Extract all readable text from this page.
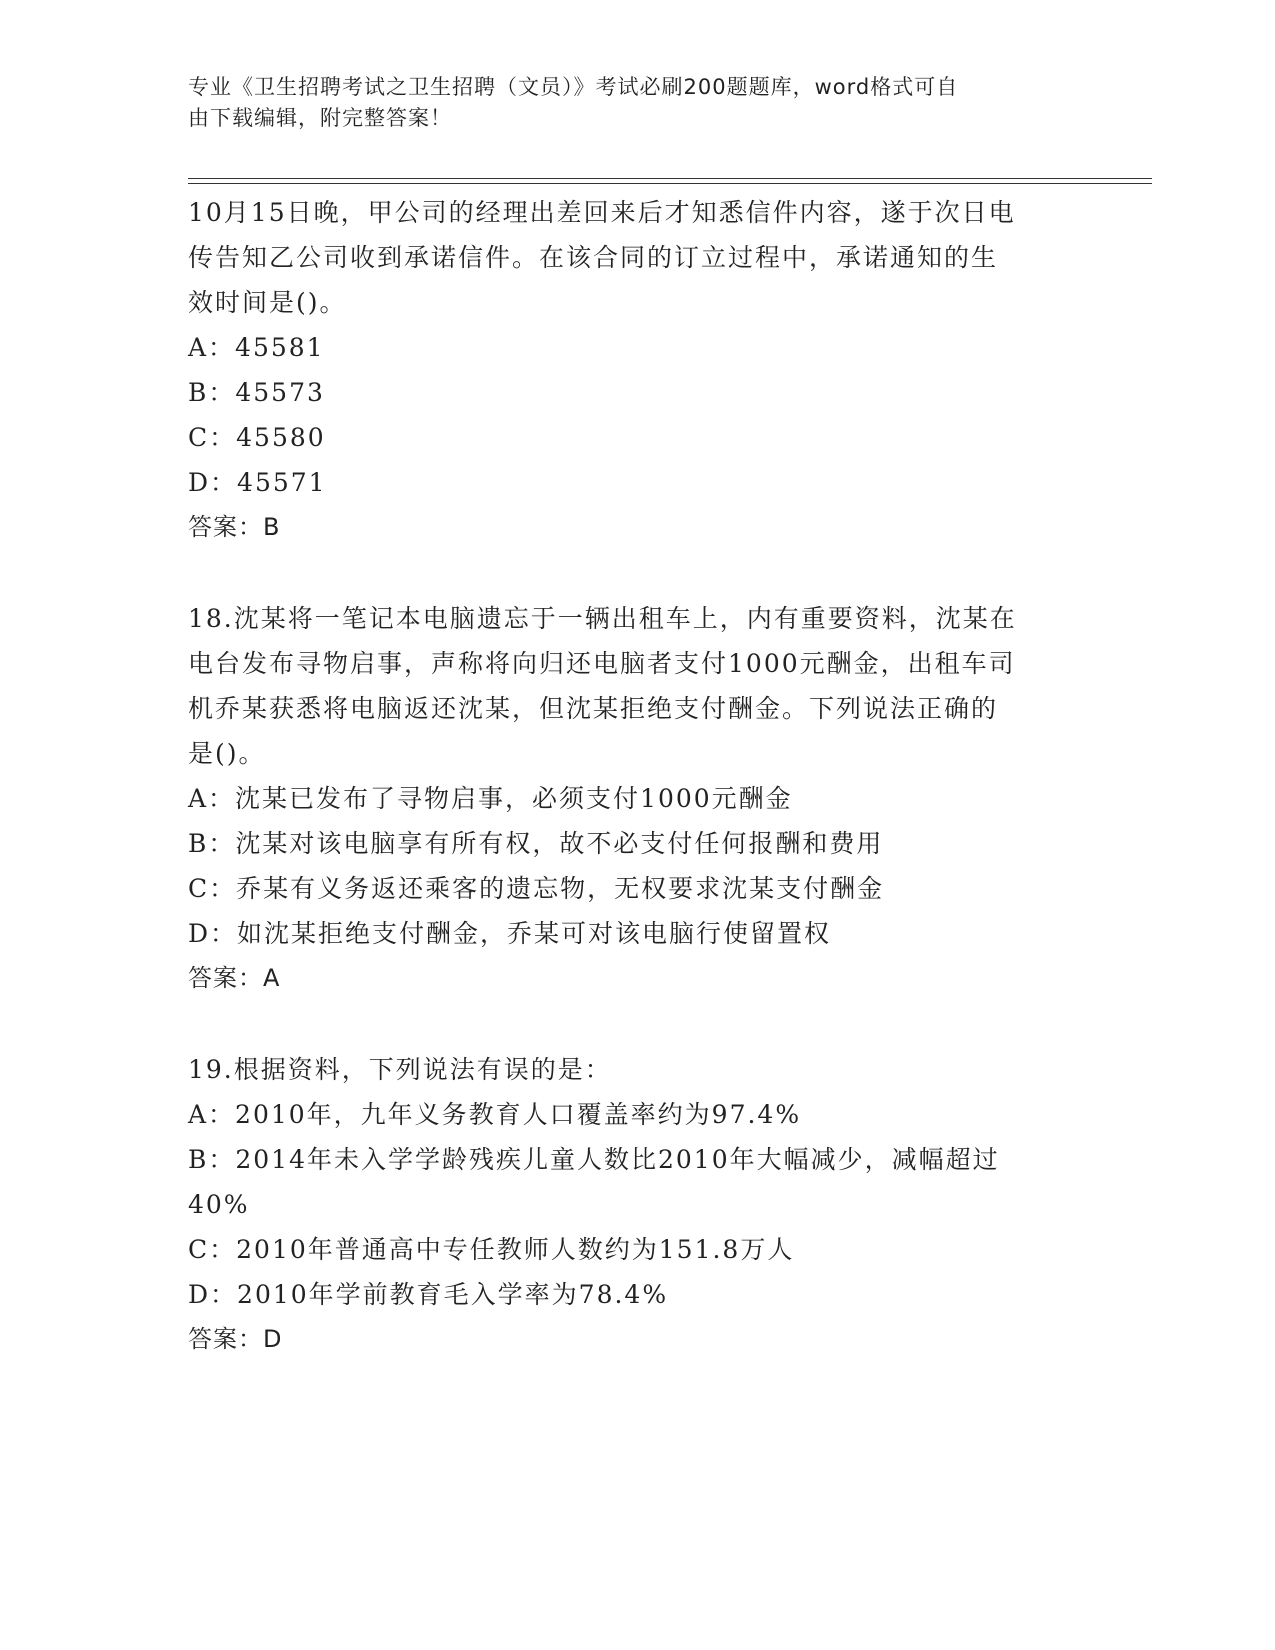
专业《卫生招聘考试之卫生招聘（文员）》考试必刷200题题库，word格式可自
由下载编辑，附完整答案！
10月15日晚，甲公司的经理出差回来后才知悉信件内容，遂于次日电
传告知乙公司收到承诺信件。在该合同的订立过程中，承诺通知的生
效时间是()。
A：45581
B：45573
C：45580
D：45571
答案：B
18.沈某将一笔记本电脑遗忘于一辆出租车上，内有重要资料，沈某在
电台发布寻物启事，声称将向归还电脑者支付1000元酬金，出租车司
机乔某获悉将电脑返还沈某，但沈某拒绝支付酬金。下列说法正确的
是()。
A：沈某已发布了寻物启事，必须支付1000元酬金
B：沈某对该电脑享有所有权，故不必支付任何报酬和费用
C：乔某有义务返还乘客的遗忘物，无权要求沈某支付酬金
D：如沈某拒绝支付酬金，乔某可对该电脑行使留置权
答案：A
19.根据资料，下列说法有误的是：
A：2010年，九年义务教育人口覆盖率约为97.4%
B：2014年未入学学龄残疾儿童人数比2010年大幅减少，减幅超过
40%
C：2010年普通高中专任教师人数约为151.8万人
D：2010年学前教育毛入学率为78.4%
答案：D
